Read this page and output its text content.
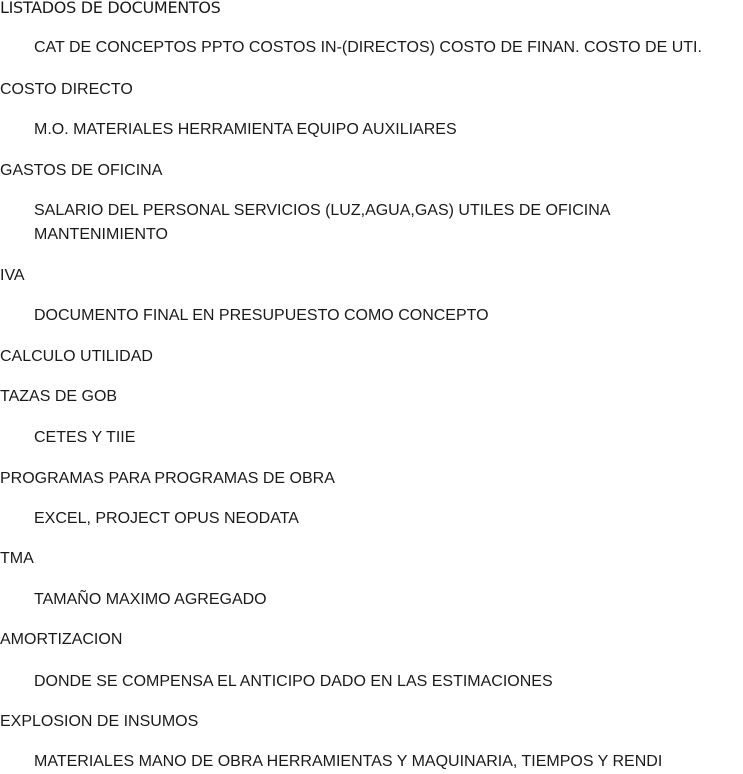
LISTADOS DE DOCUMENTOS
CAT DE CONCEPTOS PPTO COSTOS IN-(DIRECTOS) COSTO DE FINAN. COSTO DE UTI.
COSTO DIRECTO
M.O. MATERIALES HERRAMIENTA EQUIPO AUXILIARES
GASTOS DE OFICINA
SALARIO DEL PERSONAL SERVICIOS (LUZ,AGUA,GAS) UTILES DE OFICINA MANTENIMIENTO
IVA
DOCUMENTO FINAL EN PRESUPUESTO COMO CONCEPTO
CALCULO UTILIDAD
TAZAS DE GOB
CETES Y TIIE
PROGRAMAS PARA PROGRAMAS DE OBRA
EXCEL, PROJECT OPUS NEODATA
TMA
TAMAÑO MAXIMO AGREGADO
AMORTIZACION
DONDE SE COMPENSA EL ANTICIPO DADO EN LAS ESTIMACIONES
EXPLOSION DE INSUMOS
MATERIALES MANO DE OBRA HERRAMIENTAS Y MAQUINARIA, TIEMPOS Y RENDI
